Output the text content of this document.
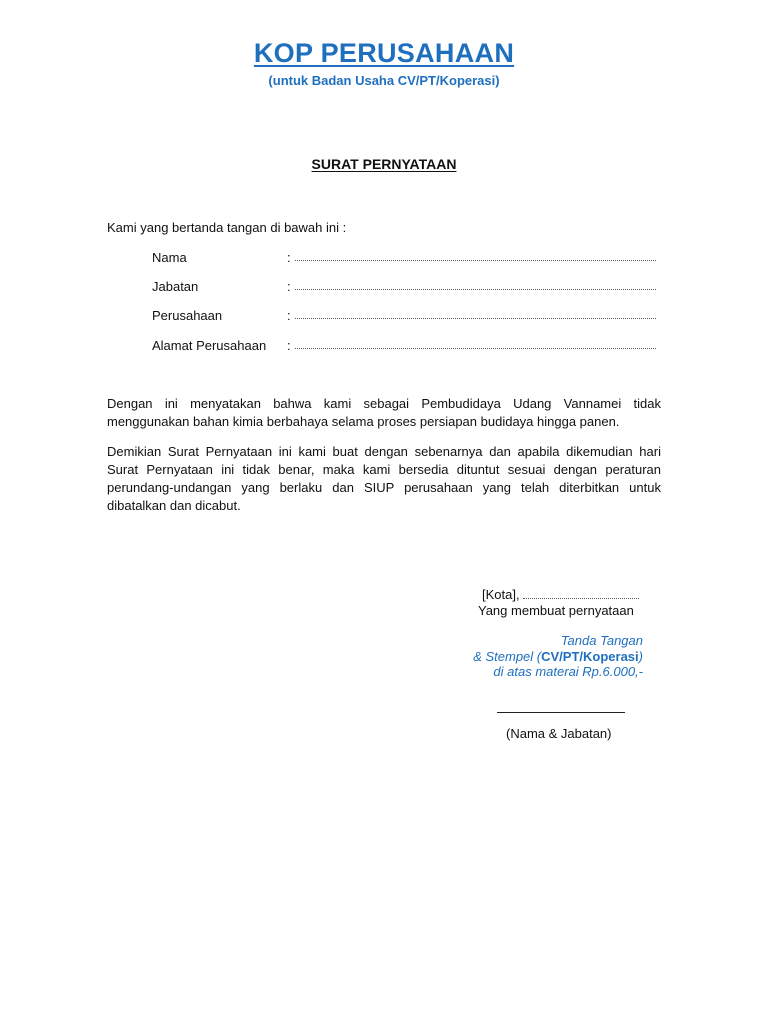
KOP PERUSAHAAN
(untuk Badan Usaha CV/PT/Koperasi)
SURAT PERNYATAAN
Kami yang bertanda tangan di bawah ini :
Nama	:
Jabatan	:
Perusahaan	:
Alamat Perusahaan :
Dengan ini menyatakan bahwa kami sebagai Pembudidaya Udang Vannamei tidak menggunakan bahan kimia berbahaya selama proses persiapan budidaya hingga panen.
Demikian Surat Pernyataan ini kami buat dengan sebenarnya dan apabila dikemudian hari Surat Pernyataan ini tidak benar, maka kami bersedia dituntut sesuai dengan peraturan perundang-undangan yang berlaku dan SIUP perusahaan yang telah diterbitkan untuk dibatalkan dan dicabut.
[Kota],
Yang membuat pernyataan
Tanda Tangan
& Stempel (CV/PT/Koperasi)
di atas materai Rp.6.000,-
(Nama & Jabatan)
